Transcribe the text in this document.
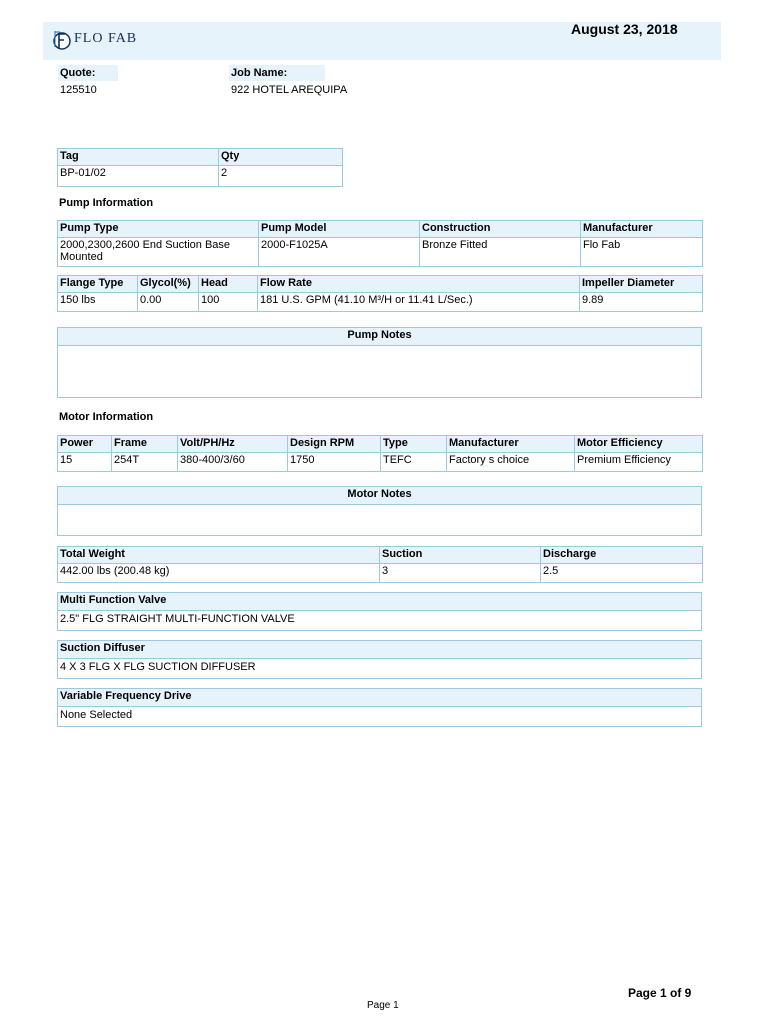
FLO FAB
August 23, 2018
Quote:
125510
Job Name:
922 HOTEL AREQUIPA
Tag	Qty
BP-01/02	2
Pump Information
Pump Type	Pump Model	Construction	Manufacturer
2000,2300,2600 End Suction Base Mounted	2000-F1025A	Bronze Fitted	Flo Fab
Flange Type	Glycol(%)	Head	Flow Rate	Impeller Diameter
150 lbs	0.00	100	181 U.S. GPM (41.10 M³/H or 11.41 L/Sec.)	9.89
Pump Notes
Motor Information
Power	Frame	Volt/PH/Hz	Design RPM	Type	Manufacturer	Motor Efficiency
15	254T	380-400/3/60	1750	TEFC	Factory s choice	Premium Efficiency
Motor Notes
Total Weight	Suction	Discharge
442.00 lbs (200.48 kg)	3	2.5
Multi Function Valve
2.5" FLG STRAIGHT MULTI-FUNCTION VALVE
Suction Diffuser
4 X 3 FLG X FLG SUCTION DIFFUSER
Variable Frequency Drive
None Selected
Page 1 of 9
Page 1
